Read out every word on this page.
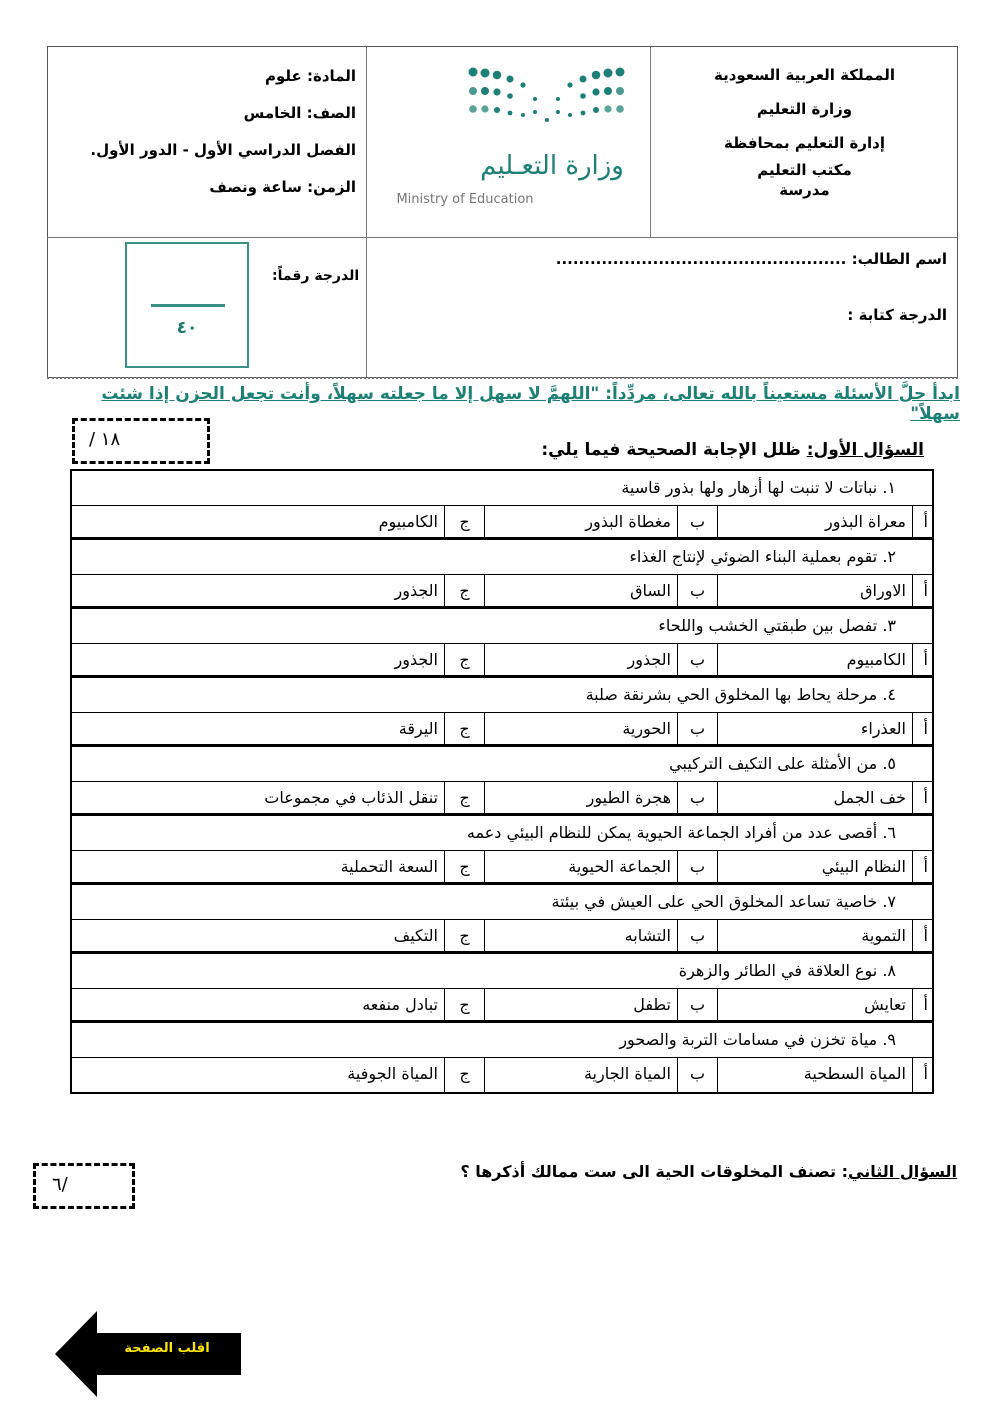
المملكة العربية السعودية
وزارة التعليم
إدارة التعليم بمحافظة
مكتب التعليم
مدرسة
وزارة التعـليم
Ministry of Education
المادة: علوم
الصف: الخامس
الفصل الدراسي الأول - الدور الأول.
الزمن: ساعة ونصف
اسم الطالب: ...................................................
الدرجة كتابة :
الدرجة رقماً:
٤٠
ابدأ حلَّ الأسئلة مستعيناً بالله تعالى، مردِّداً: "اللهمَّ لا سهل إلا ما جعلته سهلاً، وأنت تجعل الحزن إذا شئت سهلاً"
/ ١٨	السؤال الأول: ظلل الإجابة الصحيحة فيما يلي:
١. نباتات لا تنبت لها أزهار ولها بذور قاسية
أ
معراة البذور
ب
مغطاة البذور
ج
الكامبيوم
٢. تقوم بعملية البناء الضوئي لإنتاج الغذاء
أ
الاوراق
ب
الساق
ج
الجذور
٣. تفصل بين طبقتي الخشب واللحاء
أ
الكامبيوم
ب
الجذور
ج
الجذور
٤. مرحلة يحاط بها المخلوق الحي بشرنقة صلبة
أ
العذراء
ب
الحورية
ج
اليرقة
٥. من الأمثلة على التكيف التركيبي
أ
خف الجمل
ب
هجرة الطيور
ج
تنقل الذئاب في مجموعات
٦. أقصى عدد من أفراد الجماعة الحيوية يمكن للنظام البيئي دعمه
أ
النظام البيئي
ب
الجماعة الحيوية
ج
السعة التحملية
٧. خاصية تساعد المخلوق الحي على العيش في بيئتة
أ
التموية
ب
التشابه
ج
التكيف
٨. نوع العلاقة في الطائر والزهرة
أ
تعايش
ب
تطفل
ج
تبادل منفعه
٩. مياة تخزن في مسامات التربة والصحور
أ
المياة السطحية
ب
المياة الجارية
ج
المياة الجوفية
٦/
السؤال الثاني: تصنف المخلوقات الحية الى ست ممالك أذكرها ؟
اقلب الصفحة
